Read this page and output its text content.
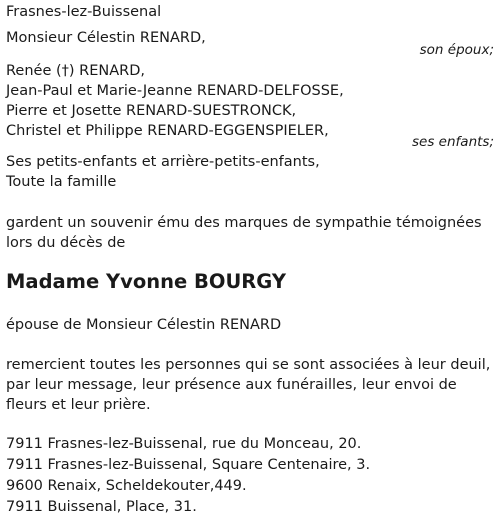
Frasnes-lez-Buissenal
Monsieur Célestin RENARD,
son époux;
Renée (†) RENARD,
Jean-Paul et Marie-Jeanne RENARD-DELFOSSE,
Pierre et Josette RENARD-SUESTRONCK,
Christel et Philippe RENARD-EGGENSPIELER,
ses enfants;
Ses petits-enfants et arrière-petits-enfants,
Toute la famille
gardent un souvenir ému des marques de sympathie témoignées lors du décès de
Madame Yvonne BOURGY
épouse de Monsieur Célestin RENARD
remercient toutes les personnes qui se sont associées à leur deuil, par leur message, leur présence aux funérailles, leur envoi de fleurs et leur prière.
7911 Frasnes-lez-Buissenal, rue du Monceau, 20.
7911 Frasnes-lez-Buissenal, Square Centenaire, 3.
9600 Renaix, Scheldekouter,449.
7911 Buissenal, Place, 31.
